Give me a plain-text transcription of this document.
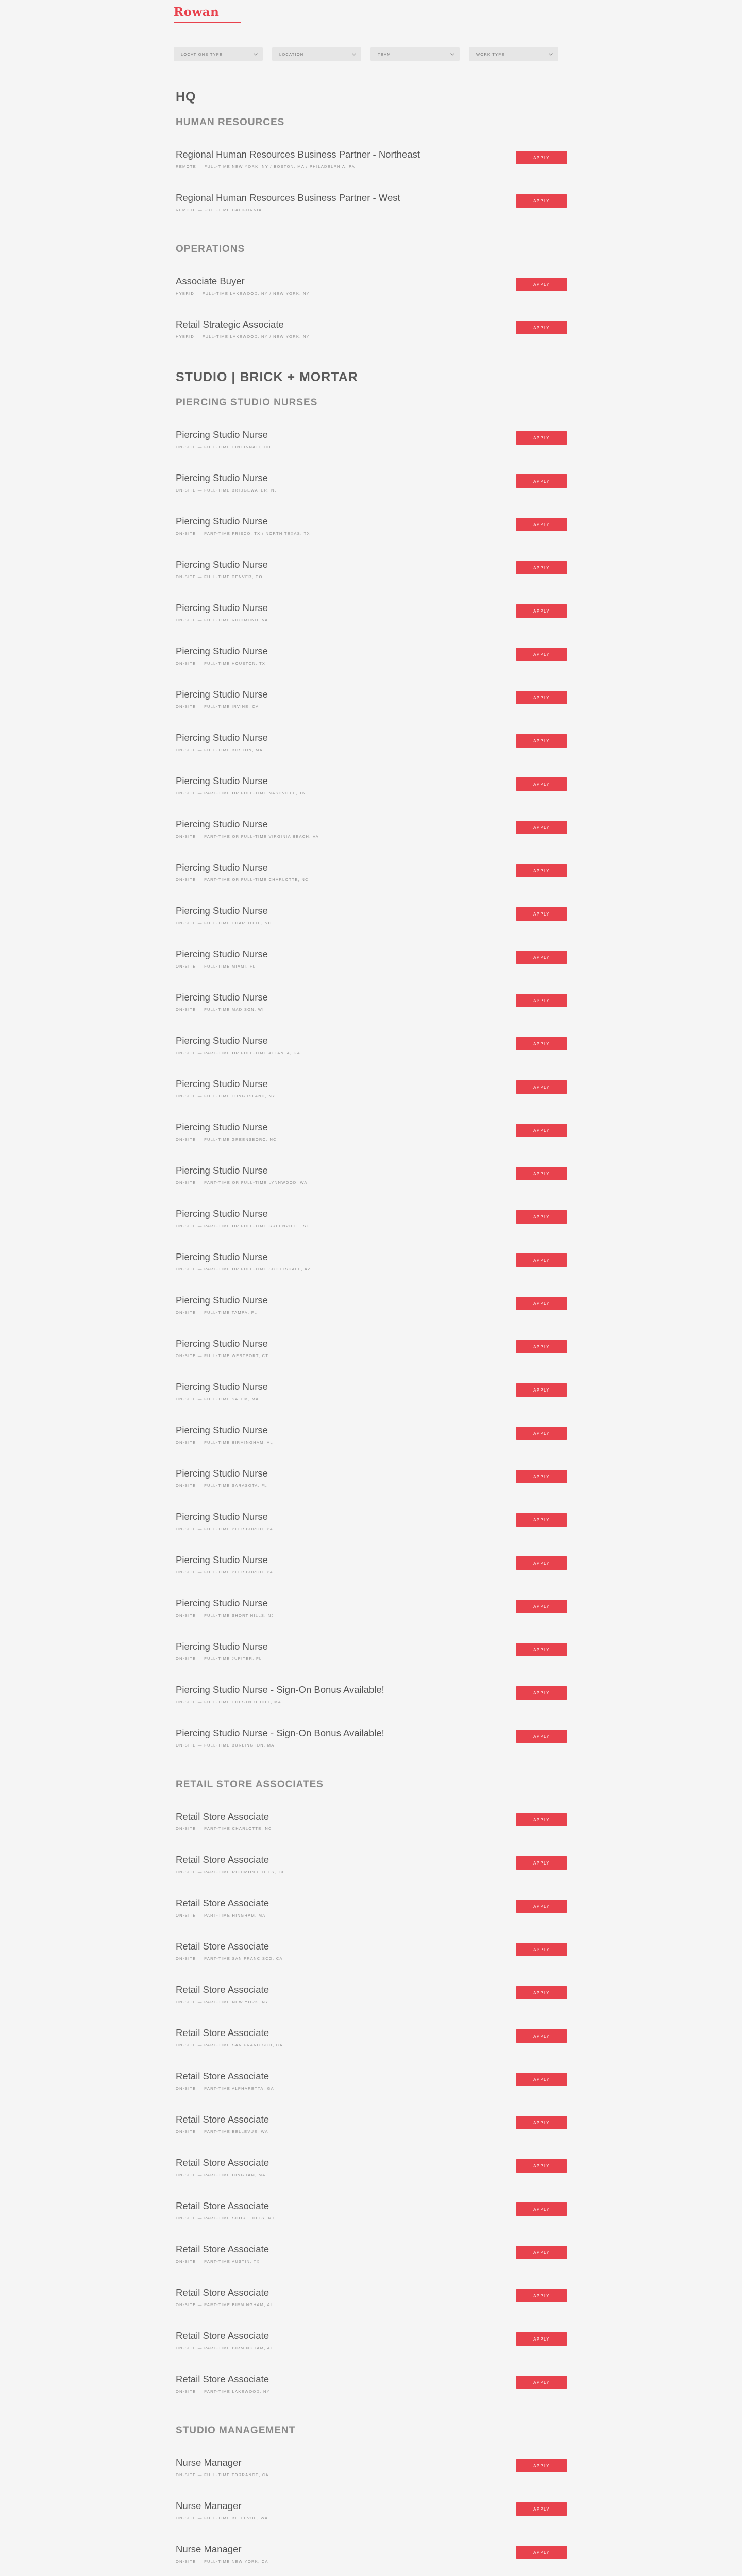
Rowan
LOCATIONS TYPE	LOCATION	TEAM	WORK TYPE
HQ
HUMAN RESOURCES
Regional Human Resources Business Partner - Northeast
REMOTE — FULL-TIME NEW YORK, NY / BOSTON, MA / PHILADELPHIA, PA
APPLY
Regional Human Resources Business Partner - West
REMOTE — FULL-TIME CALIFORNIA
APPLY
OPERATIONS
Associate Buyer
HYBRID — FULL-TIME LAKEWOOD, NY / NEW YORK, NY
APPLY
Retail Strategic Associate
HYBRID — FULL-TIME LAKEWOOD, NY / NEW YORK, NY
APPLY
STUDIO | BRICK + MORTAR
PIERCING STUDIO NURSES
Piercing Studio Nurse
ON-SITE — FULL-TIME CINCINNATI, OH
APPLY
Piercing Studio Nurse
ON-SITE — FULL-TIME BRIDGEWATER, NJ
APPLY
Piercing Studio Nurse
ON-SITE — PART-TIME FRISCO, TX / NORTH TEXAS, TX
APPLY
Piercing Studio Nurse
ON-SITE — FULL-TIME DENVER, CO
APPLY
Piercing Studio Nurse
ON-SITE — FULL-TIME RICHMOND, VA
APPLY
Piercing Studio Nurse
ON-SITE — FULL-TIME HOUSTON, TX
APPLY
Piercing Studio Nurse
ON-SITE — FULL-TIME IRVINE, CA
APPLY
Piercing Studio Nurse
ON-SITE — FULL-TIME BOSTON, MA
APPLY
Piercing Studio Nurse
ON-SITE — PART-TIME OR FULL-TIME NASHVILLE, TN
APPLY
Piercing Studio Nurse
ON-SITE — PART-TIME OR FULL-TIME VIRGINIA BEACH, VA
APPLY
Piercing Studio Nurse
ON-SITE — PART-TIME OR FULL-TIME CHARLOTTE, NC
APPLY
Piercing Studio Nurse
ON-SITE — FULL-TIME CHARLOTTE, NC
APPLY
Piercing Studio Nurse
ON-SITE — FULL-TIME MIAMI, FL
APPLY
Piercing Studio Nurse
ON-SITE — FULL-TIME MADISON, WI
APPLY
Piercing Studio Nurse
ON-SITE — PART-TIME OR FULL-TIME ATLANTA, GA
APPLY
Piercing Studio Nurse
ON-SITE — FULL-TIME LONG ISLAND, NY
APPLY
Piercing Studio Nurse
ON-SITE — FULL-TIME GREENSBORO, NC
APPLY
Piercing Studio Nurse
ON-SITE — PART-TIME OR FULL-TIME LYNNWOOD, WA
APPLY
Piercing Studio Nurse
ON-SITE — PART-TIME OR FULL-TIME GREENVILLE, SC
APPLY
Piercing Studio Nurse
ON-SITE — PART-TIME OR FULL-TIME SCOTTSDALE, AZ
APPLY
Piercing Studio Nurse
ON-SITE — FULL-TIME TAMPA, FL
APPLY
Piercing Studio Nurse
ON-SITE — FULL-TIME WESTPORT, CT
APPLY
Piercing Studio Nurse
ON-SITE — FULL-TIME SALEM, MA
APPLY
Piercing Studio Nurse
ON-SITE — FULL-TIME BIRMINGHAM, AL
APPLY
Piercing Studio Nurse
ON-SITE — FULL-TIME SARASOTA, FL
APPLY
Piercing Studio Nurse
ON-SITE — FULL-TIME PITTSBURGH, PA
APPLY
Piercing Studio Nurse
ON-SITE — FULL-TIME PITTSBURGH, PA
APPLY
Piercing Studio Nurse
ON-SITE — FULL-TIME SHORT HILLS, NJ
APPLY
Piercing Studio Nurse
ON-SITE — FULL-TIME JUPITER, FL
APPLY
Piercing Studio Nurse - Sign-On Bonus Available!
ON-SITE — FULL-TIME CHESTNUT HILL, MA
APPLY
Piercing Studio Nurse - Sign-On Bonus Available!
ON-SITE — FULL-TIME BURLINGTON, MA
APPLY
RETAIL STORE ASSOCIATES
Retail Store Associate
ON-SITE — PART-TIME CHARLOTTE, NC
APPLY
Retail Store Associate
ON-SITE — PART-TIME RICHMOND HILLS, TX
APPLY
Retail Store Associate
ON-SITE — PART-TIME HINGHAM, MA
APPLY
Retail Store Associate
ON-SITE — PART-TIME SAN FRANCISCO, CA
APPLY
Retail Store Associate
ON-SITE — PART-TIME NEW YORK, NY
APPLY
Retail Store Associate
ON-SITE — PART-TIME SAN FRANCISCO, CA
APPLY
Retail Store Associate
ON-SITE — PART-TIME ALPHARETTA, GA
APPLY
Retail Store Associate
ON-SITE — PART-TIME BELLEVUE, WA
APPLY
Retail Store Associate
ON-SITE — PART-TIME HINGHAM, MA
APPLY
Retail Store Associate
ON-SITE — PART-TIME SHORT HILLS, NJ
APPLY
Retail Store Associate
ON-SITE — PART-TIME AUSTIN, TX
APPLY
Retail Store Associate
ON-SITE — PART-TIME BIRMINGHAM, AL
APPLY
Retail Store Associate
ON-SITE — PART-TIME BIRMINGHAM, AL
APPLY
Retail Store Associate
ON-SITE — PART-TIME LAKEWOOD, NY
APPLY
STUDIO MANAGEMENT
Nurse Manager
ON-SITE — FULL-TIME TORRANCE, CA
APPLY
Nurse Manager
ON-SITE — FULL-TIME BELLEVUE, WA
APPLY
Nurse Manager
ON-SITE — FULL-TIME NEW YORK, CA
APPLY
